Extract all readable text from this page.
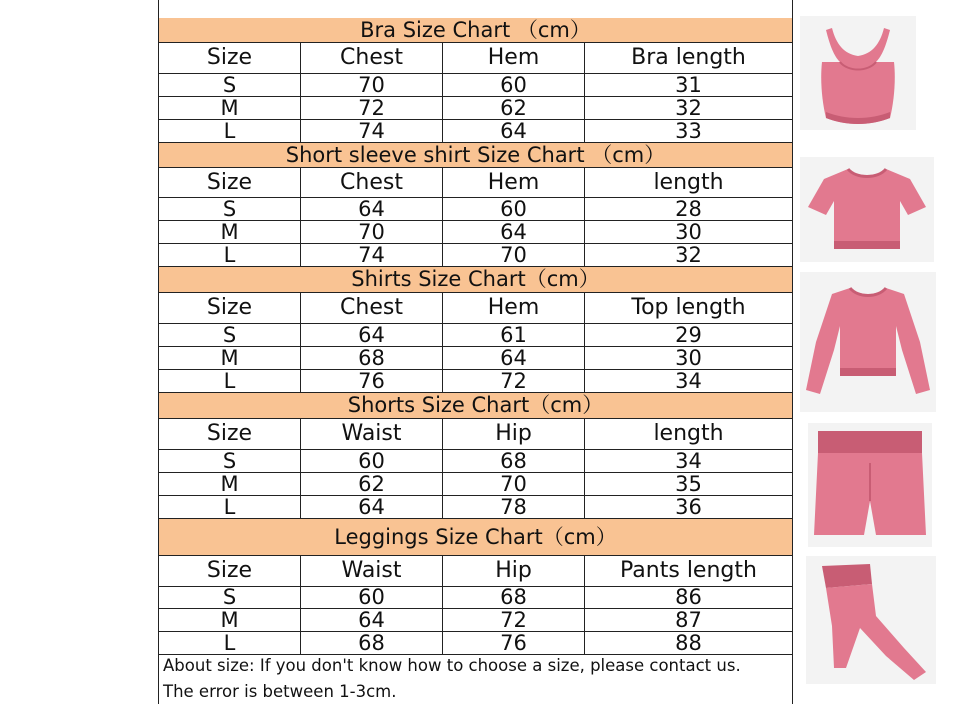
Bra Size Chart （cm）
Size	Chest	Hem	Bra length
S	70	60	31
M	72	62	32
L	74	64	33
Short sleeve shirt Size Chart （cm）
Size	Chest	Hem	length
S	64	60	28
M	70	64	30
L	74	70	32
Shirts Size Chart（cm）
Size	Chest	Hem	Top length
S	64	61	29
M	68	64	30
L	76	72	34
Shorts Size Chart（cm）
Size	Waist	Hip	length
S	60	68	34
M	62	70	35
L	64	78	36
Leggings Size Chart（cm）
Size	Waist	Hip	Pants length
S	60	68	86
M	64	72	87
L	68	76	88
About size: If you don't know how to choose a size, please contact us.
The error is between 1-3cm.
